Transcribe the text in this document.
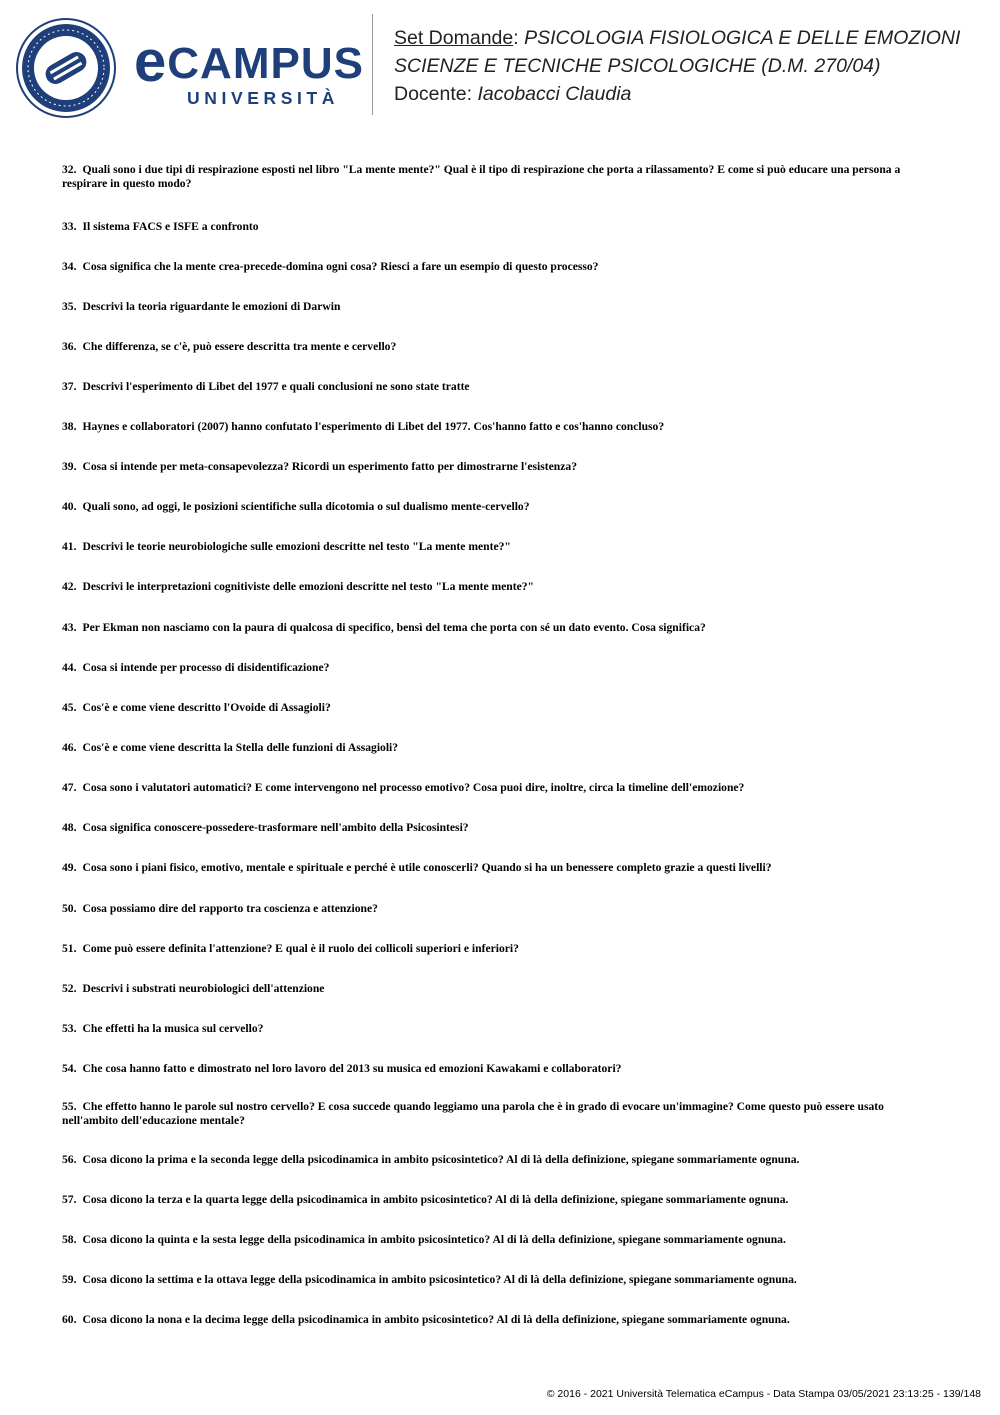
eCAMPUS
UNIVERSITÀ
Set Domande: PSICOLOGIA FISIOLOGICA E DELLE EMOZIONI
SCIENZE E TECNICHE PSICOLOGICHE (D.M. 270/04)
Docente: Iacobacci Claudia

32. Quali sono i due tipi di respirazione esposti nel libro "La mente mente?" Qual è il tipo di respirazione che porta a rilassamento? E come si può educare una persona a respirare in questo modo?

33. Il sistema FACS e ISFE a confronto

34. Cosa significa che la mente crea-precede-domina ogni cosa? Riesci a fare un esempio di questo processo?

35. Descrivi la teoria riguardante le emozioni di Darwin

36. Che differenza, se c'è, può essere descritta tra mente e cervello?

37. Descrivi l'esperimento di Libet del 1977 e quali conclusioni ne sono state tratte

38. Haynes e collaboratori (2007) hanno confutato l'esperimento di Libet del 1977. Cos'hanno fatto e cos'hanno concluso?

39. Cosa si intende per meta-consapevolezza? Ricordi un esperimento fatto per dimostrarne l'esistenza?

40. Quali sono, ad oggi, le posizioni scientifiche sulla dicotomia o sul dualismo mente-cervello?

41. Descrivi le teorie neurobiologiche sulle emozioni descritte nel testo "La mente mente?"

42. Descrivi le interpretazioni cognitiviste delle emozioni descritte nel testo "La mente mente?"

43. Per Ekman non nasciamo con la paura di qualcosa di specifico, bensì del tema che porta con sé un dato evento. Cosa significa?

44. Cosa si intende per processo di disidentificazione?

45. Cos'è e come viene descritto l'Ovoide di Assagioli?

46. Cos'è e come viene descritta la Stella delle funzioni di Assagioli?

47. Cosa sono i valutatori automatici? E come intervengono nel processo emotivo? Cosa puoi dire, inoltre, circa la timeline dell'emozione?

48. Cosa significa conoscere-possedere-trasformare nell'ambito della Psicosintesi?

49. Cosa sono i piani fisico, emotivo, mentale e spirituale e perché è utile conoscerli? Quando si ha un benessere completo grazie a questi livelli?

50. Cosa possiamo dire del rapporto tra coscienza e attenzione?

51. Come può essere definita l'attenzione? E qual è il ruolo dei collicoli superiori e inferiori?

52. Descrivi i substrati neurobiologici dell'attenzione

53. Che effetti ha la musica sul cervello?

54. Che cosa hanno fatto e dimostrato nel loro lavoro del 2013 su musica ed emozioni Kawakami e collaboratori?

55. Che effetto hanno le parole sul nostro cervello? E cosa succede quando leggiamo una parola che è in grado di evocare un'immagine? Come questo può essere usato nell'ambito dell'educazione mentale?

56. Cosa dicono la prima e la seconda legge della psicodinamica in ambito psicosintetico? Al di là della definizione, spiegane sommariamente ognuna.

57. Cosa dicono la terza e la quarta legge della psicodinamica in ambito psicosintetico? Al di là della definizione, spiegane sommariamente ognuna.

58. Cosa dicono la quinta e la sesta legge della psicodinamica in ambito psicosintetico? Al di là della definizione, spiegane sommariamente ognuna.

59. Cosa dicono la settima e la ottava legge della psicodinamica in ambito psicosintetico? Al di là della definizione, spiegane sommariamente ognuna.

60. Cosa dicono la nona e la decima legge della psicodinamica in ambito psicosintetico? Al di là della definizione, spiegane sommariamente ognuna.

© 2016 - 2021 Università Telematica eCampus - Data Stampa 03/05/2021 23:13:25 - 139/148
